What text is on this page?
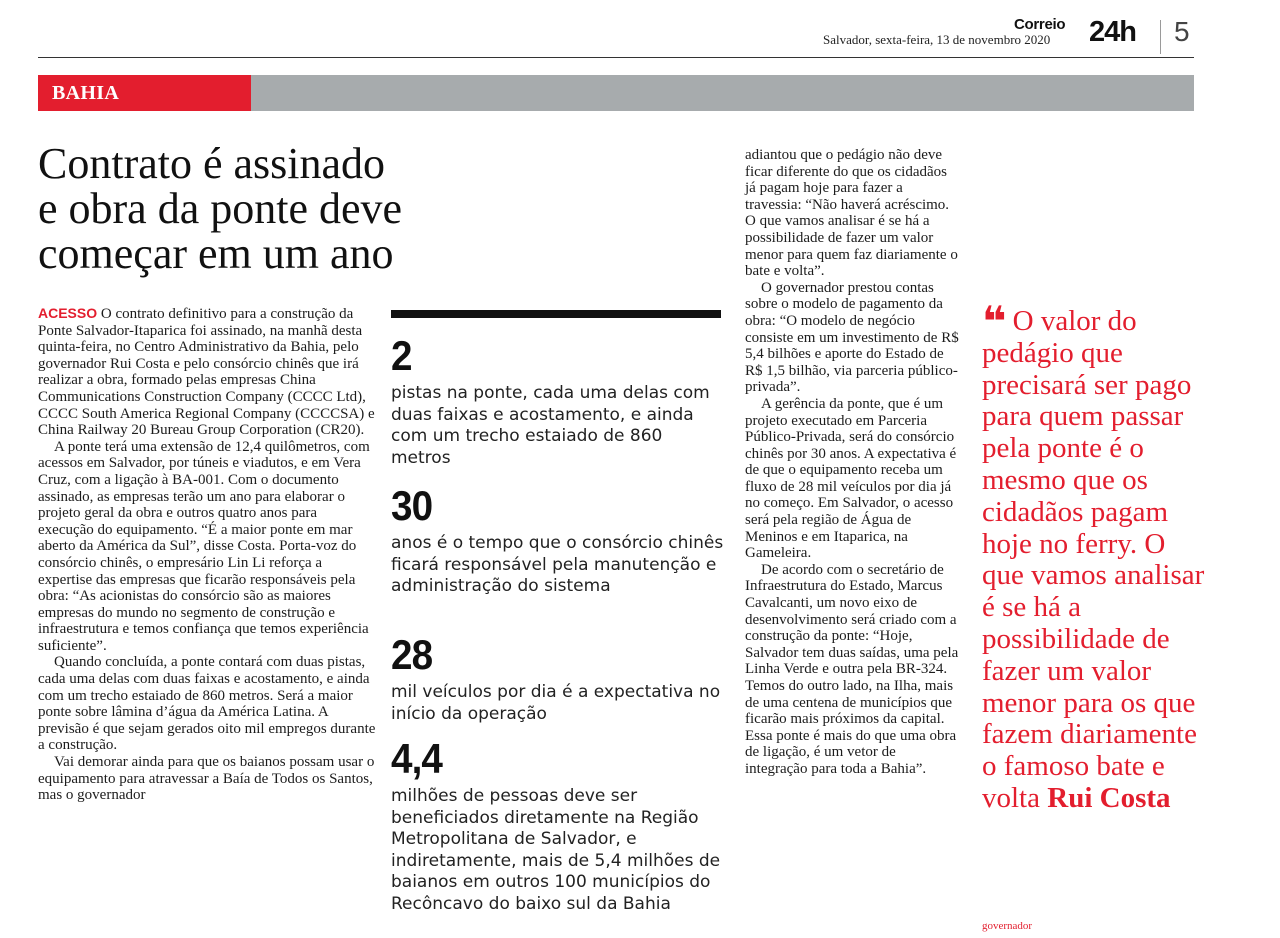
Correio
Salvador, sexta-feira, 13 de novembro 2020 24h 5
BAHIA
Contrato é assinado
e obra da ponte deve
começar em um ano

ACESSO O contrato definitivo para a construção da Ponte Salvador-Itaparica foi assinado, na manhã desta quinta-feira, no Centro Administrativo da Bahia, pelo governador Rui Costa e pelo consórcio chinês que irá realizar a obra, formado pelas empresas China Communications Construction Company (CCCC Ltd), CCCC South America Regional Company (CCCCSA) e China Railway 20 Bureau Group Corporation (CR20).

A ponte terá uma extensão de 12,4 quilômetros, com acessos em Salvador, por túneis e viadutos, e em Vera Cruz, com a ligação à BA-001. Com o documento assinado, as empresas terão um ano para elaborar o projeto geral da obra e outros quatro anos para execução do equipamento. “É a maior ponte em mar aberto da América da Sul”, disse Costa. Porta-voz do consórcio chinês, o empresário Lin Li reforça a expertise das empresas que ficarão responsáveis pela obra: “As acionistas do consórcio são as maiores empresas do mundo no segmento de construção e infraestrutura e temos confiança que temos experiência suficiente”.

Quando concluída, a ponte contará com duas pistas, cada uma delas com duas faixas e acostamento, e ainda com um trecho estaiado de 860 metros. Será a maior ponte sobre lâmina d’água da América Latina. A previsão é que sejam gerados oito mil empregos durante a construção.

Vai demorar ainda para que os baianos possam usar o equipamento para atravessar a Baía de Todos os Santos, mas o governador

2
pistas na ponte, cada uma delas com duas faixas e acostamento, e ainda com um trecho estaiado de 860 metros
30
anos é o tempo que o consórcio chinês ficará responsável pela manutenção e administração do sistema
28
mil veículos por dia é a expectativa no início da operação
4,4
milhões de pessoas deve ser beneficiados diretamente na Região Metropolitana de Salvador, e indiretamente, mais de 5,4 milhões de baianos em outros 100 municípios do Recôncavo do baixo sul da Bahia

adiantou que o pedágio não deve ficar diferente do que os cidadãos já pagam hoje para fazer a travessia: “Não haverá acréscimo. O que vamos analisar é se há a possibilidade de fazer um valor menor para quem faz diariamente o bate e volta”.

O governador prestou contas sobre o modelo de pagamento da obra: “O modelo de negócio consiste em um investimento de R$ 5,4 bilhões e aporte do Estado de R$ 1,5 bilhão, via parceria público-privada”.

A gerência da ponte, que é um projeto executado em Parceria Público-Privada, será do consórcio chinês por 30 anos. A expectativa é de que o equipamento receba um fluxo de 28 mil veículos por dia já no começo. Em Salvador, o acesso será pela região de Água de Meninos e em Itaparica, na Gameleira.

De acordo com o secretário de Infraestrutura do Estado, Marcus Cavalcanti, um novo eixo de desenvolvimento será criado com a construção da ponte: “Hoje, Salvador tem duas saídas, uma pela Linha Verde e outra pela BR-324. Temos do outro lado, na Ilha, mais de uma centena de municípios que ficarão mais próximos da capital. Essa ponte é mais do que uma obra de ligação, é um vetor de integração para toda a Bahia”.

❝ O valor do pedágio que precisará ser pago para quem passar pela ponte é o mesmo que os cidadãos pagam hoje no ferry. O que vamos analisar é se há a possibilidade de fazer um valor menor para os que fazem diariamente o famoso bate e volta Rui Costa
governador
